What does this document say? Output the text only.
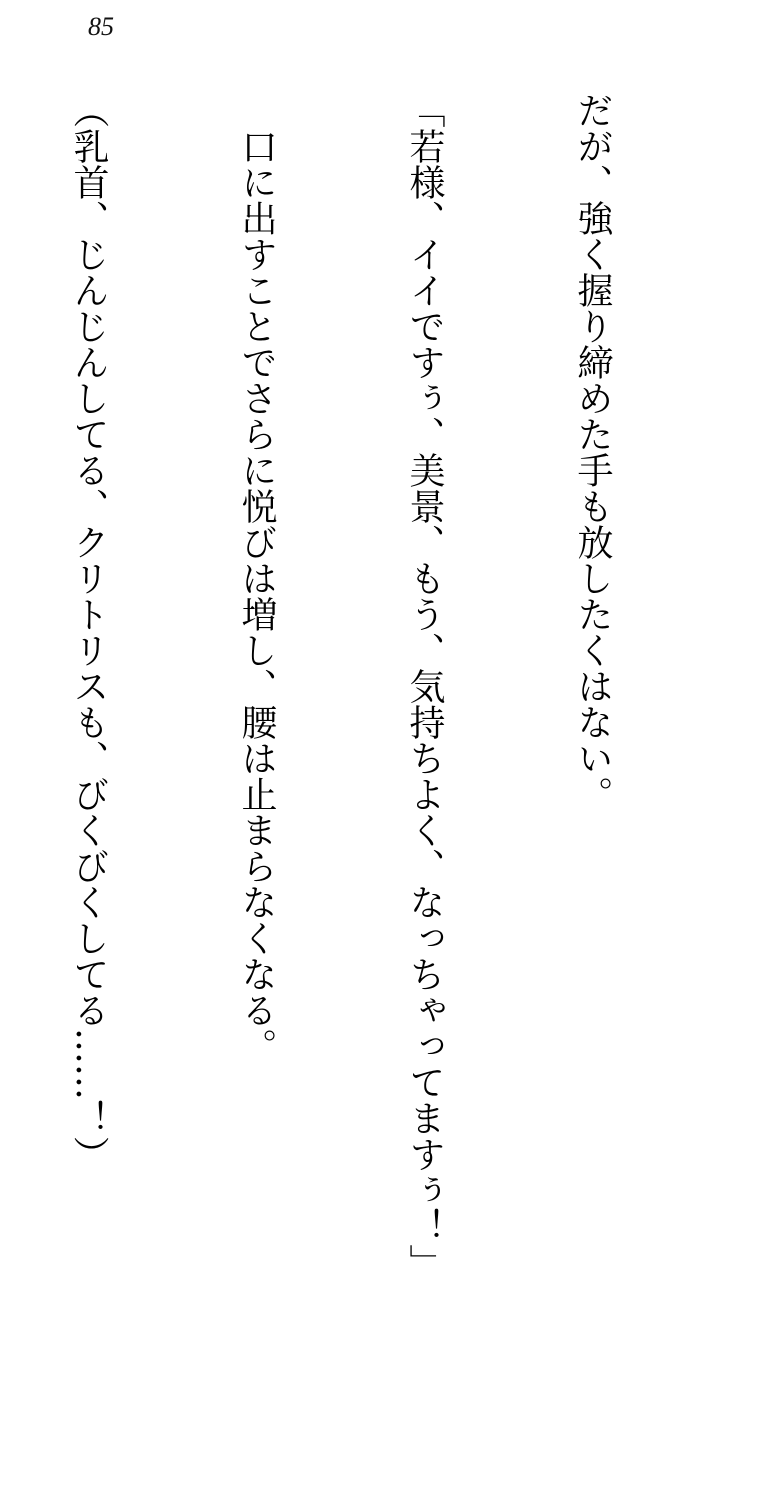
85

だが、強く握り締めた手も放したくはない。

「若様、イイですぅ、美景、もう、気持ちよく、なっちゃってますぅ！」

　口に出すことでさらに悦びは増し、腰は止まらなくなる。

（乳首、じんじんしてる、クリトリスも、びくびくしてる……！）
